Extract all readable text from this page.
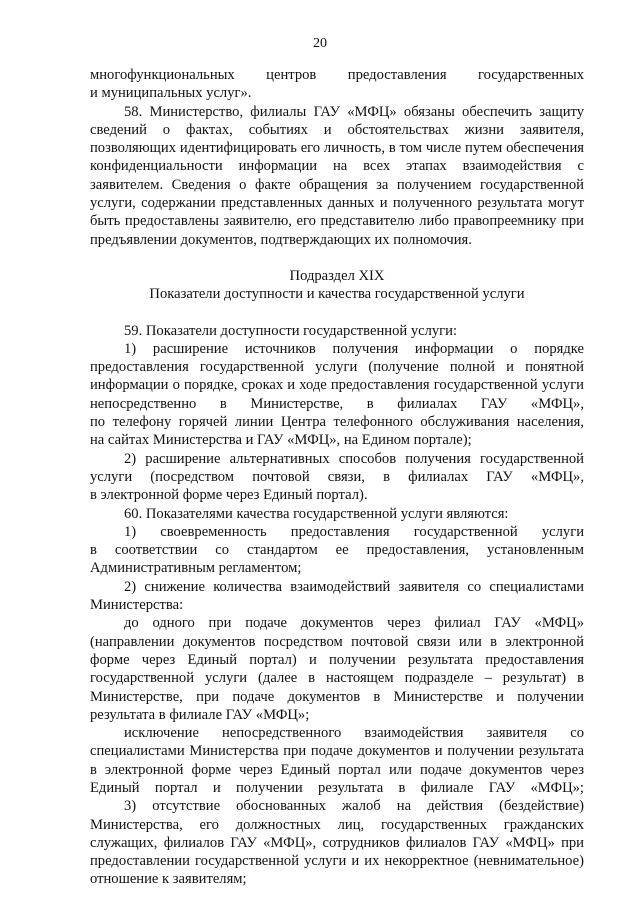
20

многофункциональных центров предоставления государственных

и муниципальных услуг».

58. Министерство, филиалы ГАУ «МФЦ» обязаны обеспечить защиту

сведений о фактах, событиях и обстоятельствах жизни заявителя,

позволяющих идентифицировать его личность, в том числе путем обеспечения

конфиденциальности информации на всех этапах взаимодействия с

заявителем. Сведения о факте обращения за получением государственной

услуги, содержании представленных данных и полученного результата могут

быть предоставлены заявителю, его представителю либо правопреемнику при

предъявлении документов, подтверждающих их полномочия.

Подраздел XIX

Показатели доступности и качества государственной услуги

59. Показатели доступности государственной услуги:

1) расширение источников получения информации о порядке

предоставления государственной услуги (получение полной и понятной

информации о порядке, сроках и ходе предоставления государственной услуги

непосредственно в Министерстве, в филиалах ГАУ «МФЦ»,

по телефону горячей линии Центра телефонного обслуживания населения,

на сайтах Министерства и ГАУ «МФЦ», на Едином портале);

2) расширение альтернативных способов получения государственной

услуги (посредством почтовой связи, в филиалах ГАУ «МФЦ»,

в электронной форме через Единый портал).

60. Показателями качества государственной услуги являются:

1) своевременность предоставления государственной услуги

в соответствии со стандартом ее предоставления, установленным

Административным регламентом;

2) снижение количества взаимодействий заявителя со специалистами

Министерства:

до одного при подаче документов через филиал ГАУ «МФЦ»

(направлении документов посредством почтовой связи или в электронной

форме через Единый портал) и получении результата предоставления

государственной услуги (далее в настоящем подразделе – результат) в

Министерстве, при подаче документов в Министерстве и получении

результата в филиале ГАУ «МФЦ»;

исключение непосредственного взаимодействия заявителя со

специалистами Министерства при подаче документов и получении результата

в электронной форме через Единый портал или подаче документов через

Единый портал и получении результата в филиале ГАУ «МФЦ»;

3) отсутствие обоснованных жалоб на действия (бездействие)

Министерства, его должностных лиц, государственных гражданских

служащих, филиалов ГАУ «МФЦ», сотрудников филиалов ГАУ «МФЦ» при

предоставлении государственной услуги и их некорректное (невнимательное)

отношение к заявителям;
